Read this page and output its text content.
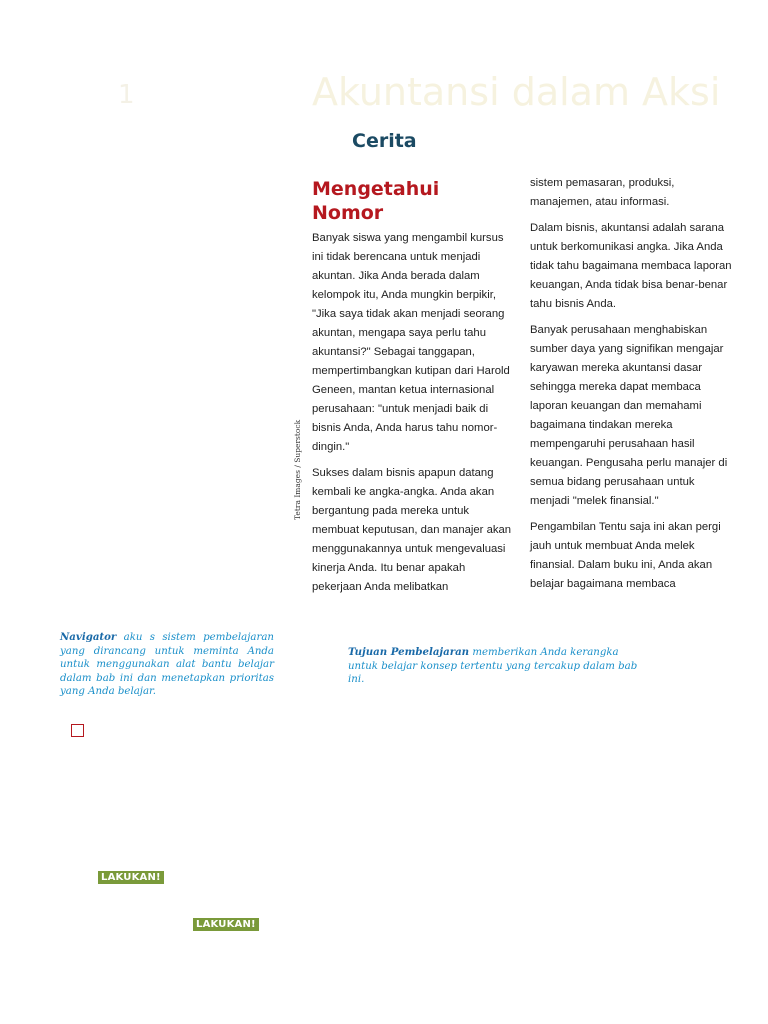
1	Akuntansi dalam Aksi
Cerita
Mengetahui Nomor
Tetra Images / Superstock

Banyak siswa yang mengambil kursus ini tidak berencana untuk menjadi akuntan. Jika Anda berada dalam kelompok itu, Anda mungkin berpikir, "Jika saya tidak akan menjadi seorang akuntan, mengapa saya perlu tahu akuntansi?" Sebagai tanggapan, mempertimbangkan kutipan dari Harold Geneen, mantan ketua internasional perusahaan: "untuk menjadi baik di bisnis Anda, Anda harus tahu nomor-dingin."

Sukses dalam bisnis apapun datang kembali ke angka-angka. Anda akan bergantung pada mereka untuk membuat keputusan, dan manajer akan menggunakannya untuk mengevaluasi kinerja Anda. Itu benar apakah pekerjaan Anda melibatkan

sistem pemasaran, produksi, manajemen, atau informasi.

Dalam bisnis, akuntansi adalah sarana untuk berkomunikasi angka. Jika Anda tidak tahu bagaimana membaca laporan keuangan, Anda tidak bisa benar-benar tahu bisnis Anda.

Banyak perusahaan menghabiskan sumber daya yang signifikan mengajar karyawan mereka akuntansi dasar sehingga mereka dapat membaca laporan keuangan dan memahami bagaimana tindakan mereka mempengaruhi perusahaan hasil keuangan. Pengusaha perlu manajer di semua bidang perusahaan untuk menjadi "melek finansial."

Pengambilan Tentu saja ini akan pergi jauh untuk membuat Anda melek finansial. Dalam buku ini, Anda akan belajar bagaimana membaca

Navigator aku s sistem pembelajaran yang dirancang untuk meminta Anda untuk menggunakan alat bantu belajar dalam bab ini dan menetapkan prioritas yang Anda belajar.
Tujuan Pembelajaran memberikan Anda kerangka untuk belajar konsep tertentu yang tercakup dalam bab ini.
LAKUKAN!
LAKUKAN!
